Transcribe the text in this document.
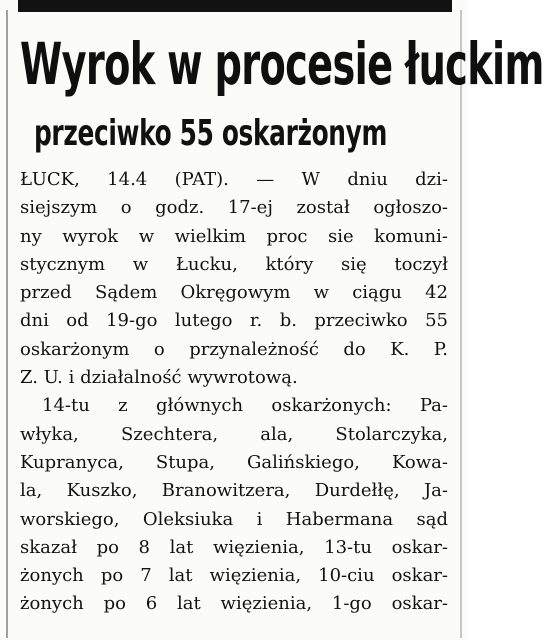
Wyrok w procesie łuckim
przeciwko 55 oskarżonym
ŁUCK, 14.4 (PAT). — W dniu dzi-
siejszym o godz. 17-ej został ogłoszo-
ny wyrok w wielkim proc sie komuni-
stycznym w Łucku, który się toczył
przed Sądem Okręgowym w ciągu 42
dni od 19-go lutego r. b. przeciwko 55
oskarżonym o przynależność do K. P.
Z. U. i działalność wywrotową.
14-tu z głównych oskarżonych: Pa-
włyka, Szechtera, ala, Stolarczyka,
Kupranyca, Stupa, Galińskiego, Kowa-
la, Kuszko, Branowitzera, Durdełłę, Ja-
worskiego, Oleksiuka i Habermana sąd
skazał po 8 lat więzienia, 13-tu oskar-
żonych po 7 lat więzienia, 10-ciu oskar-
żonych po 6 lat więzienia, 1-go oskar-
